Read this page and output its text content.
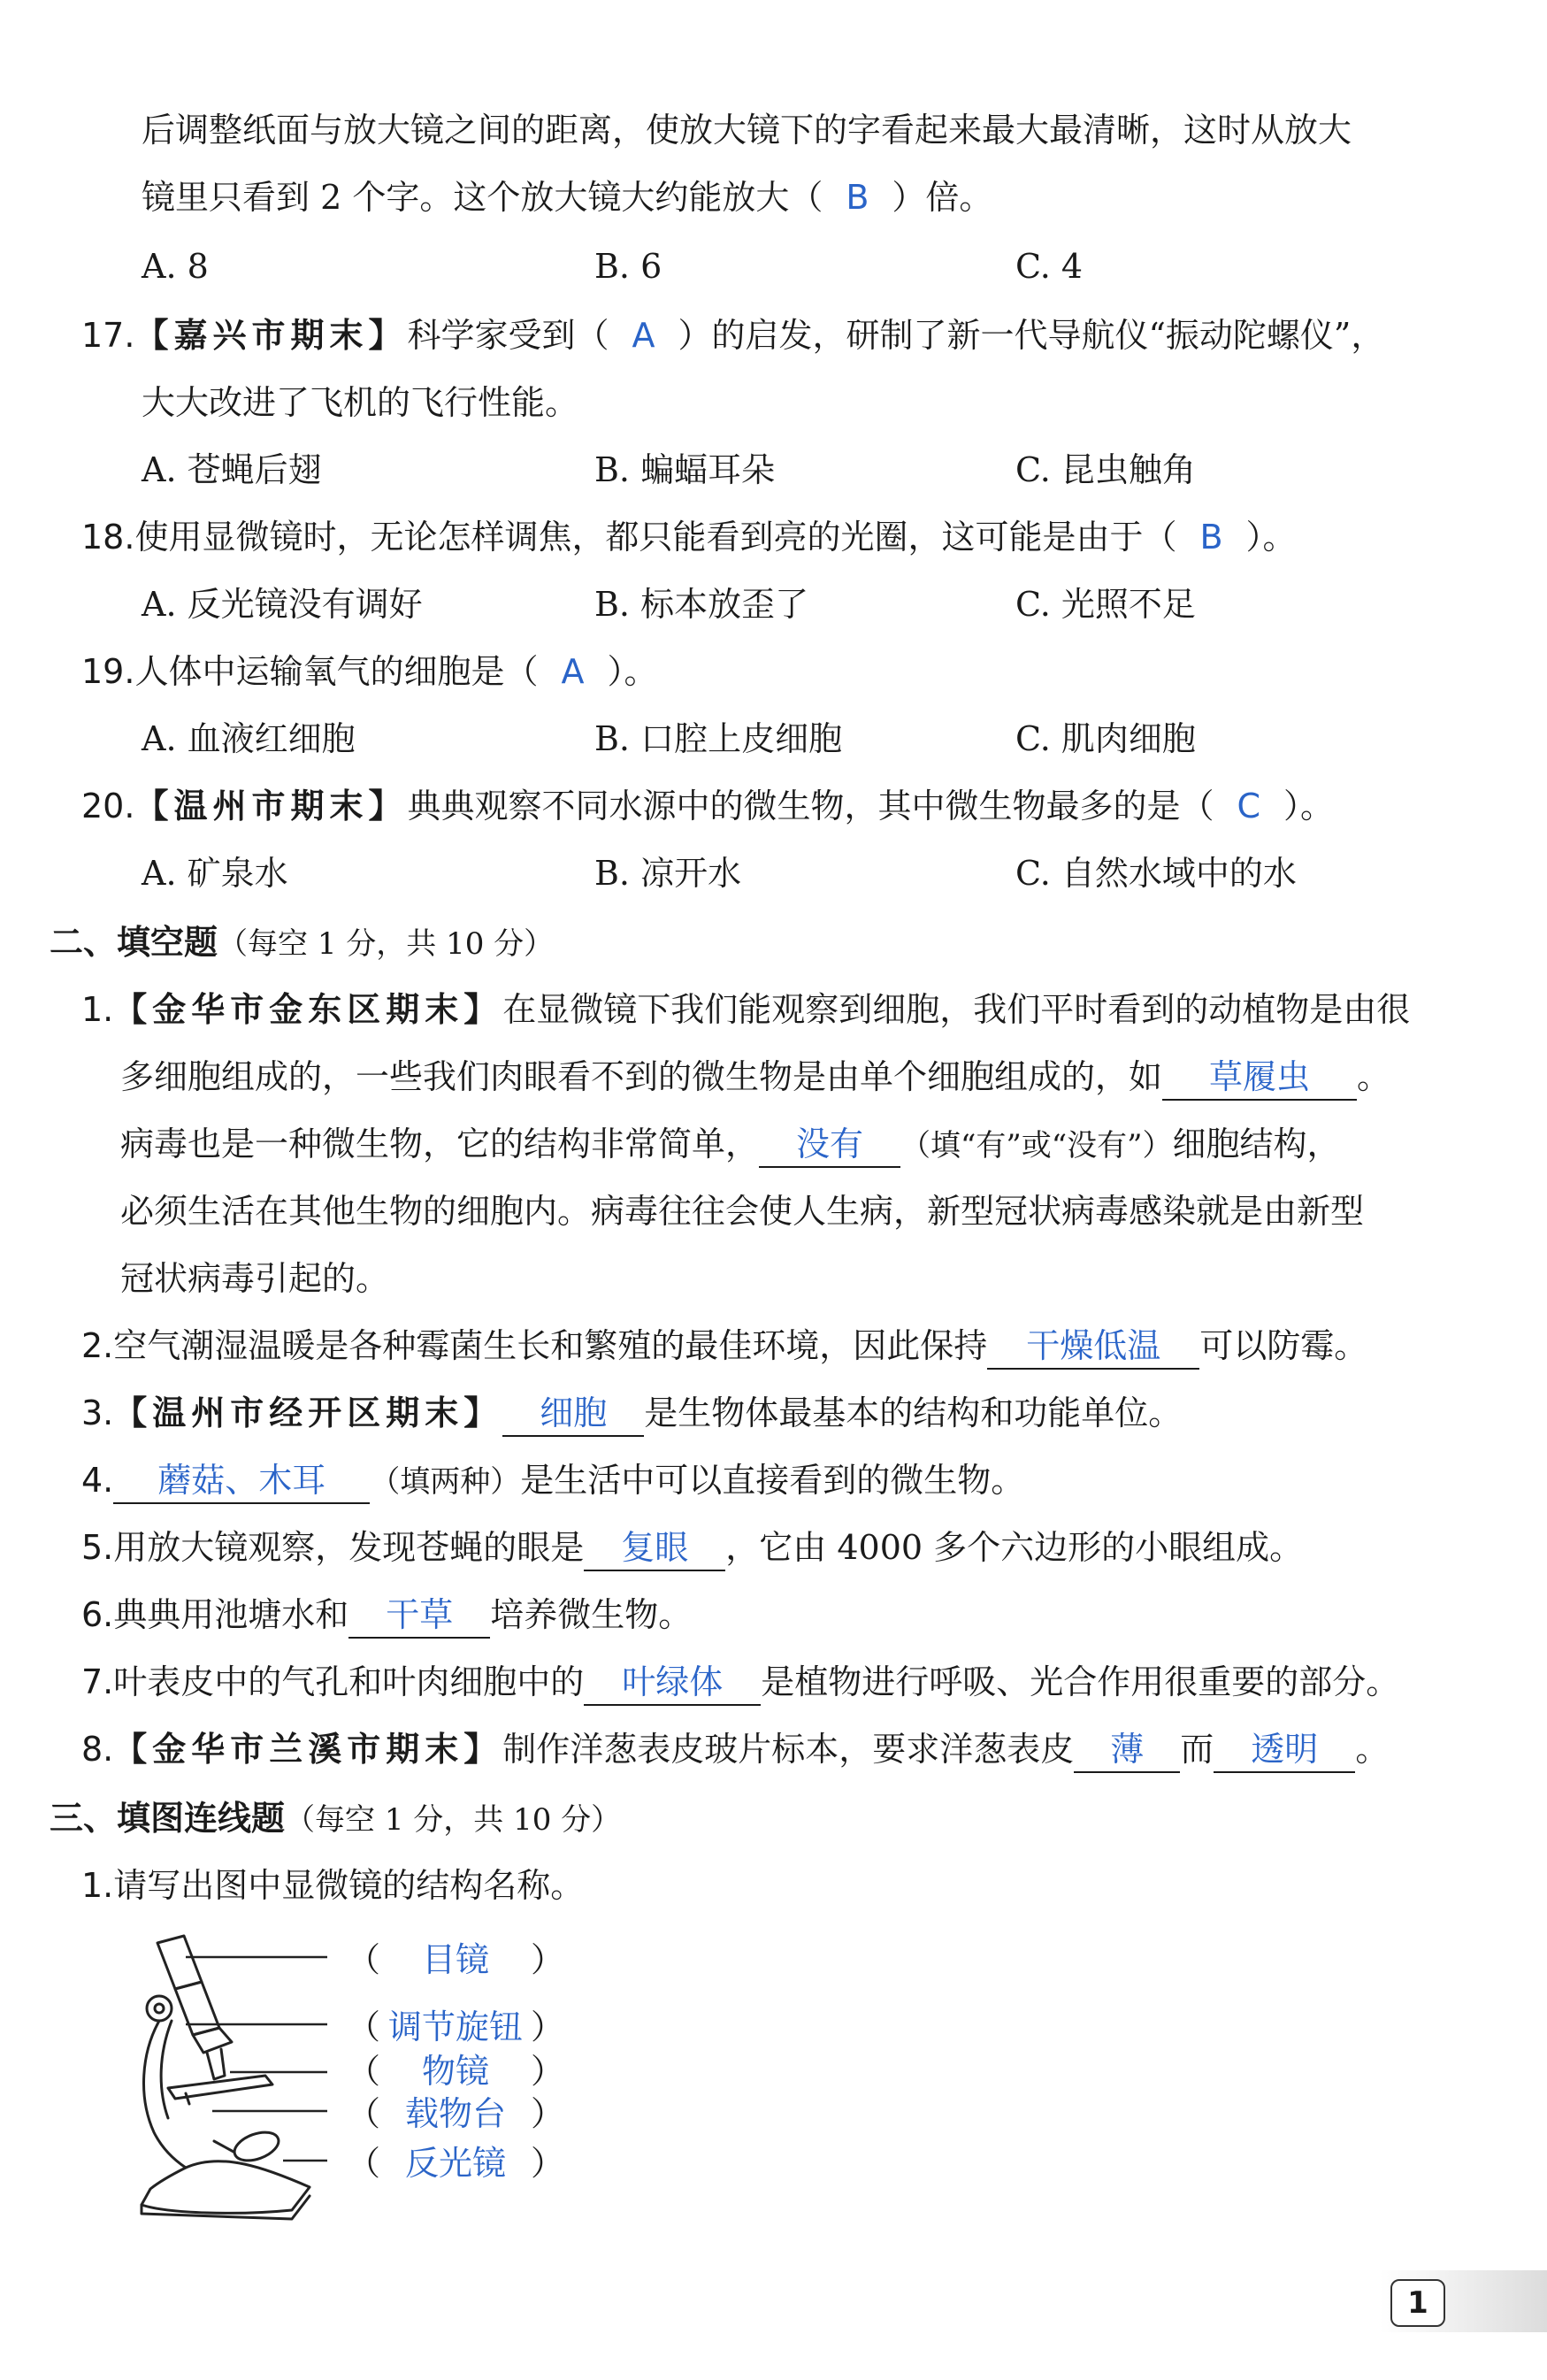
后调整纸面与放大镜之间的距离，使放大镜下的字看起来最大最清晰，这时从放大
镜里只看到 2 个字。这个放大镜大约能放大（ B ）倍。
A. 8	B. 6	C. 4
17.【嘉兴市期末】科学家受到（ A ）的启发，研制了新一代导航仪“振动陀螺仪”，
大大改进了飞机的飞行性能。
A. 苍蝇后翅	B. 蝙蝠耳朵	C. 昆虫触角
18.使用显微镜时，无论怎样调焦，都只能看到亮的光圈，这可能是由于（ B ）。
A. 反光镜没有调好	B. 标本放歪了	C. 光照不足
19.人体中运输氧气的细胞是（ A ）。
A. 血液红细胞	B. 口腔上皮细胞	C. 肌肉细胞
20.【温州市期末】典典观察不同水源中的微生物，其中微生物最多的是（ C ）。
A. 矿泉水	B. 凉开水	C. 自然水域中的水
二、填空题（每空 1 分，共 10 分）
1.【金华市金东区期末】在显微镜下我们能观察到细胞，我们平时看到的动植物是由很
多细胞组成的，一些我们肉眼看不到的微生物是由单个细胞组成的，如 草履虫 。
病毒也是一种微生物，它的结构非常简单， 没有 （填“有”或“没有”）细胞结构，
必须生活在其他生物的细胞内。病毒往往会使人生病，新型冠状病毒感染就是由新型
冠状病毒引起的。
2.空气潮湿温暖是各种霉菌生长和繁殖的最佳环境，因此保持 干燥低温 可以防霉。
3.【温州市经开区期末】 细胞 是生物体最基本的结构和功能单位。
4. 蘑菇、木耳 （填两种）是生活中可以直接看到的微生物。
5.用放大镜观察，发现苍蝇的眼是 复眼 ，它由 4000 多个六边形的小眼组成。
6.典典用池塘水和 干草 培养微生物。
7.叶表皮中的气孔和叶肉细胞中的 叶绿体 是植物进行呼吸、光合作用很重要的部分。
8.【金华市兰溪市期末】制作洋葱表皮玻片标本，要求洋葱表皮 薄 而 透明 。
三、填图连线题（每空 1 分，共 10 分）
1.请写出图中显微镜的结构名称。
（ 目镜 ）
（ 调节旋钮 ）
（ 物镜 ）
（ 载物台 ）
（ 反光镜 ）
1
